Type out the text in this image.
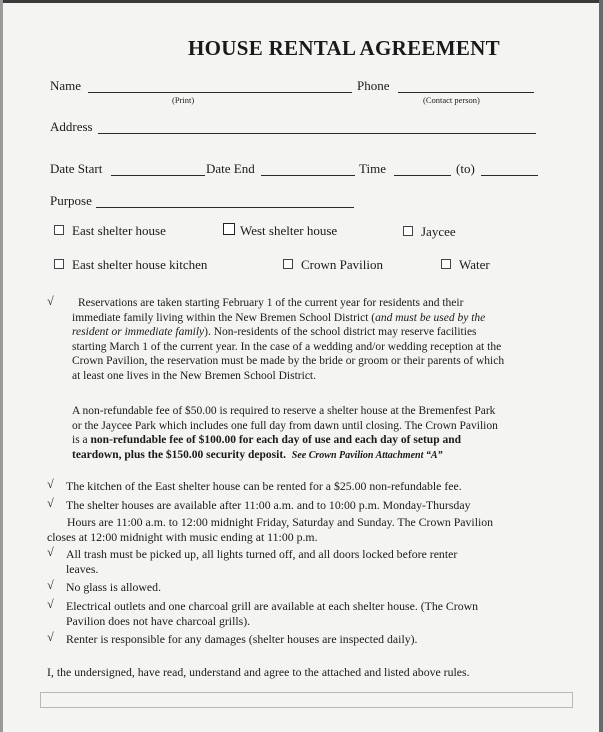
HOUSE RENTAL AGREEMENT
Name
(Print)
Phone
(Contact person)
Address
Date Start	Date End	Time	(to)
Purpose
East shelter house	West shelter house	Jaycee
East shelter house kitchen	Crown Pavilion	Water
√	Reservations are taken starting February 1 of the current year for residents and their

immediate family living within the New Bremen School District (and must be used by the

resident or immediate family). Non-residents of the school district may reserve facilities

starting March 1 of the current year. In the case of a wedding and/or wedding reception at the

Crown Pavilion, the reservation must be made by the bride or groom or their parents of which

at least one lives in the New Bremen School District.

A non-refundable fee of $50.00 is required to reserve a shelter house at the Bremenfest Park

or the Jaycee Park which includes one full day from dawn until closing. The Crown Pavilion

is a non-refundable fee of $100.00 for each day of use and each day of setup and

teardown, plus the $150.00 security deposit. See Crown Pavilion Attachment “A”

√ The kitchen of the East shelter house can be rented for a $25.00 non-refundable fee.
√ The shelter houses are available after 11:00 a.m. and to 10:00 p.m. Monday-Thursday
Hours are 11:00 a.m. to 12:00 midnight Friday, Saturday and Sunday. The Crown Pavilion
closes at 12:00 midnight with music ending at 11:00 p.m.
√ All trash must be picked up, all lights turned off, and all doors locked before renter
leaves.
√ No glass is allowed.
√ Electrical outlets and one charcoal grill are available at each shelter house. (The Crown
Pavilion does not have charcoal grills).
√ Renter is responsible for any damages (shelter houses are inspected daily).
I, the undersigned, have read, understand and agree to the attached and listed above rules.
